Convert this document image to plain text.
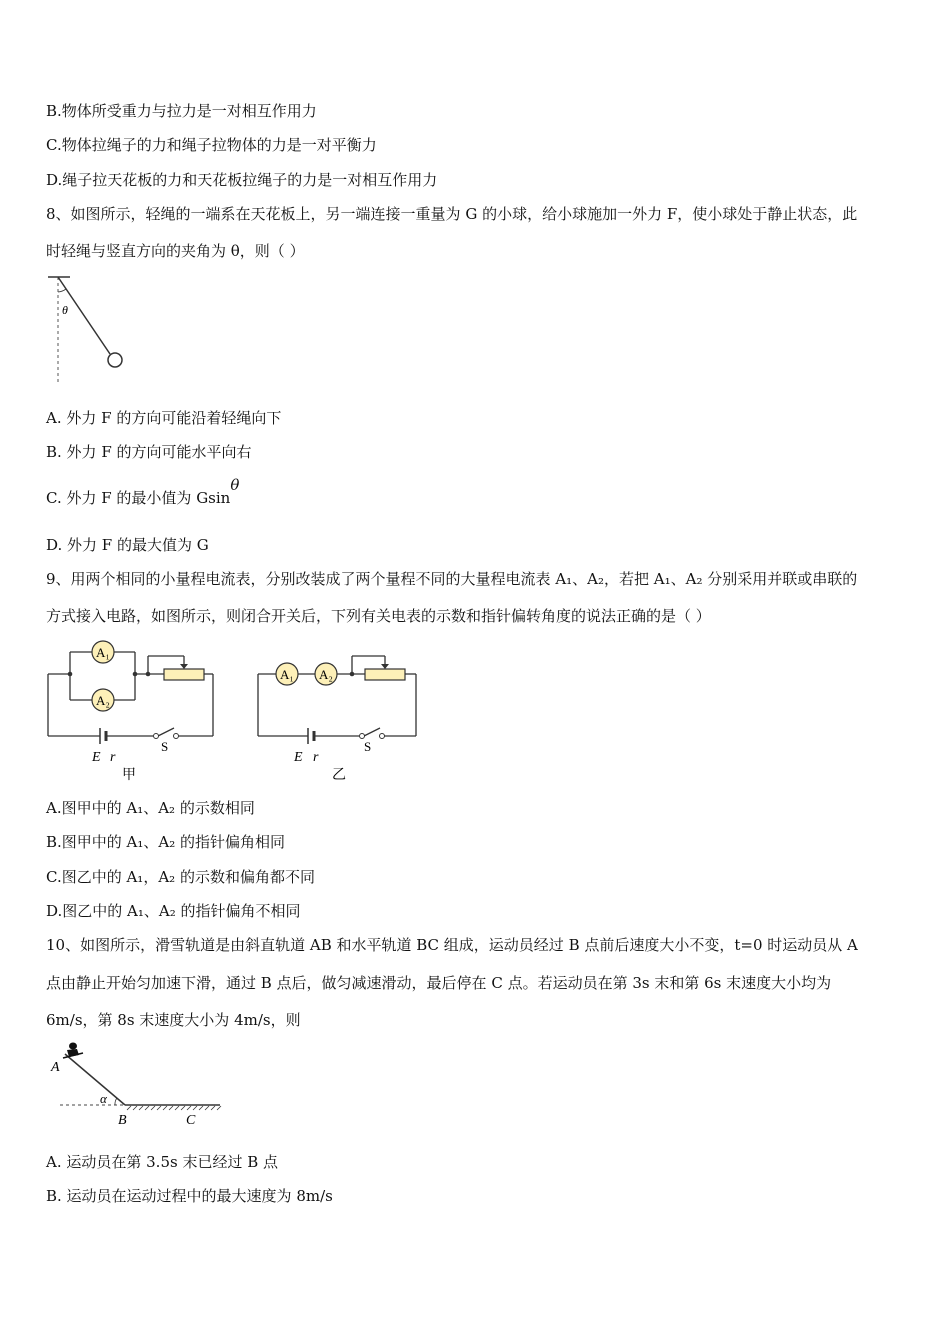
B.物体所受重力与拉力是一对相互作用力
C.物体拉绳子的力和绳子拉物体的力是一对平衡力
D.绳子拉天花板的力和天花板拉绳子的力是一对相互作用力
8、如图所示，轻绳的一端系在天花板上，另一端连接一重量为 G 的小球，给小球施加一外力 F，使小球处于静止状态，此
时轻绳与竖直方向的夹角为 θ，则（ ）
θ
A. 外力 F 的方向可能沿着轻绳向下
B. 外力 F 的方向可能水平向右
C. 外力 F 的最小值为 Gsinθ
D. 外力 F 的最大值为 G
9、用两个相同的小量程电流表，分别改装成了两个量程不同的大量程电流表 A₁、A₂，若把 A₁、A₂ 分别采用并联或串联的
方式接入电路，如图所示，则闭合开关后，下列有关电表的示数和指针偏转角度的说法正确的是（ ）
A₁
A₂
E r
S
甲
A₁ A₂
E r
S
乙
A.图甲中的 A₁、A₂ 的示数相同
B.图甲中的 A₁、A₂ 的指针偏角相同
C.图乙中的 A₁，A₂ 的示数和偏角都不同
D.图乙中的 A₁、A₂ 的指针偏角不相同
10、如图所示，滑雪轨道是由斜直轨道 AB 和水平轨道 BC 组成，运动员经过 B 点前后速度大小不变，t=0 时运动员从 A
点由静止开始匀加速下滑，通过 B 点后，做匀减速滑动，最后停在 C 点。若运动员在第 3s 末和第 6s 末速度大小均为
6m/s，第 8s 末速度大小为 4m/s，则
A
α
B	C
A. 运动员在第 3.5s 末已经过 B 点
B. 运动员在运动过程中的最大速度为 8m/s
